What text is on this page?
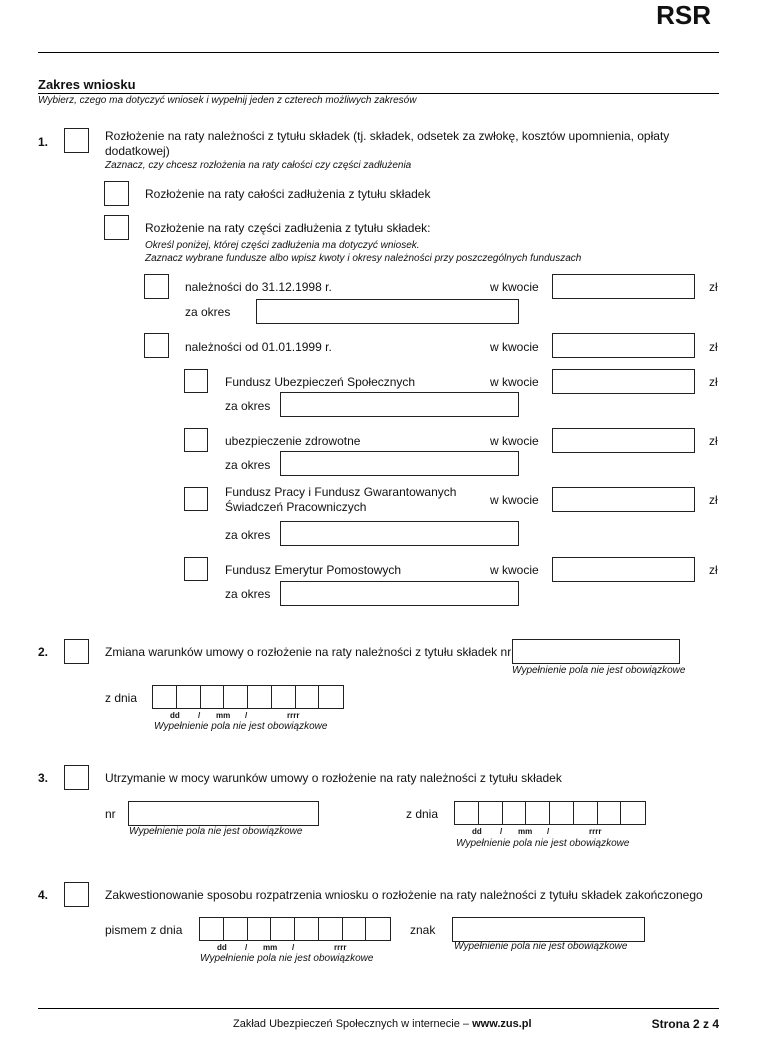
RSR
Zakres wniosku
Wybierz, czego ma dotyczyć wniosek i wypełnij jeden z czterech możliwych zakresów
1.	Rozłożenie na raty należności z tytułu składek (tj. składek, odsetek za zwłokę, kosztów upomnienia, opłaty
dodatkowej)
Zaznacz, czy chcesz rozłożenia na raty całości czy części zadłużenia
Rozłożenie na raty całości zadłużenia z tytułu składek
Rozłożenie na raty części zadłużenia z tytułu składek:
Określ poniżej, której części zadłużenia ma dotyczyć wniosek.
Zaznacz wybrane fundusze albo wpisz kwoty i okresy należności przy poszczególnych funduszach
należności do 31.12.1998 r.	w kwocie	zł
za okres
należności od 01.01.1999 r.	w kwocie	zł
Fundusz Ubezpieczeń Społecznych	w kwocie	zł
za okres
ubezpieczenie zdrowotne	w kwocie	zł
za okres
Fundusz Pracy i Fundusz Gwarantowanych
Świadczeń Pracowniczych	w kwocie	zł
za okres
Fundusz Emerytur Pomostowych	w kwocie	zł
za okres
2.	Zmiana warunków umowy o rozłożenie na raty należności z tytułu składek nr
Wypełnienie pola nie jest obowiązkowe
z dnia
dd / mm /	rrrr
Wypełnienie pola nie jest obowiązkowe
3.	Utrzymanie w mocy warunków umowy o rozłożenie na raty należności z tytułu składek
nr
Wypełnienie pola nie jest obowiązkowe
z dnia
dd / mm /	rrrr
Wypełnienie pola nie jest obowiązkowe
4.	Zakwestionowanie sposobu rozpatrzenia wniosku o rozłożenie na raty należności z tytułu składek zakończonego
pismem z dnia
dd / mm /	rrrr
Wypełnienie pola nie jest obowiązkowe
znak
Wypełnienie pola nie jest obowiązkowe
Zakład Ubezpieczeń Społecznych w internecie – www.zus.pl	Strona 2 z 4
